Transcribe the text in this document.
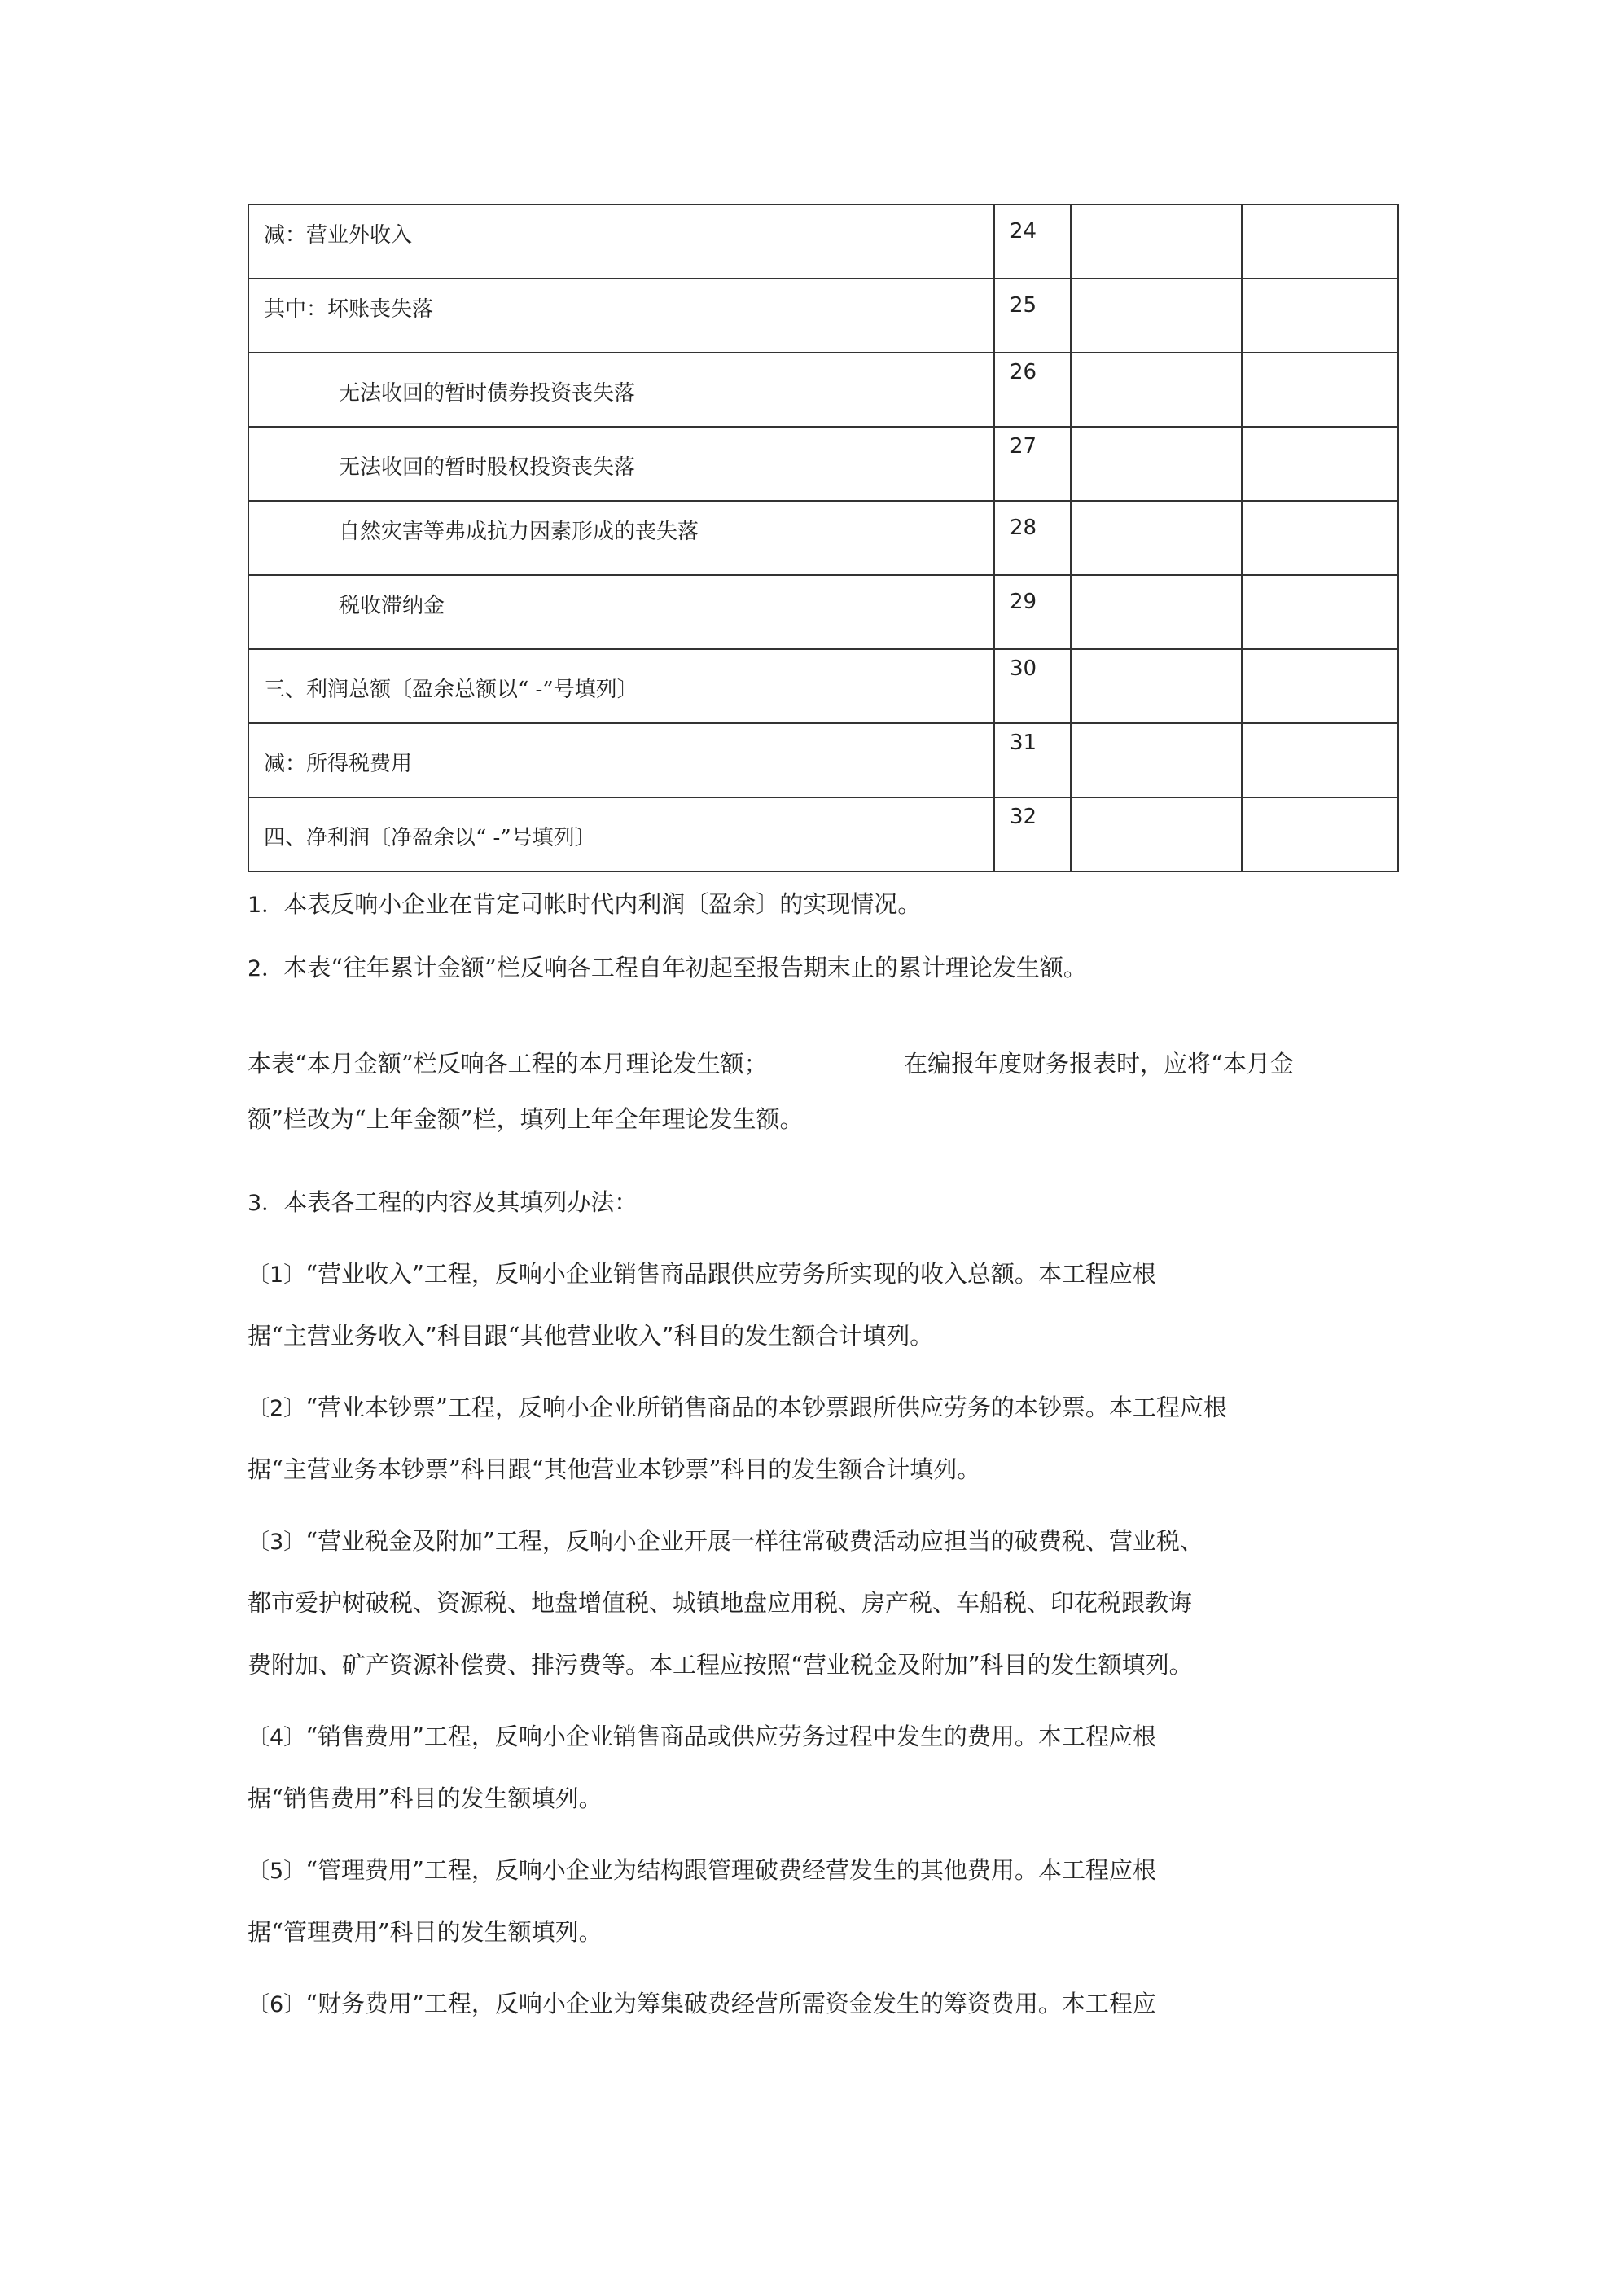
减：营业外收入	24		

其中：坏账丧失落	25		

无法收回的暂时债券投资丧失落	26		

无法收回的暂时股权投资丧失落	27		

自然灾害等弗成抗力因素形成的丧失落	28		

税收滞纳金	29		

三、利润总额〔盈余总额以“ -”号填列〕	30		

减：所得税费用	31		

四、净利润〔净盈余以“ -”号填列〕	32		

1．本表反响小企业在肯定司帐时代内利润〔盈余〕的实现情况。

2．本表“往年累计金额”栏反响各工程自年初起至报告期末止的累计理论发生额。

本表“本月金额”栏反响各工程的本月理论发生额；	在编报年度财务报表时，应将“本月金

额”栏改为“上年金额”栏，填列上年全年理论发生额。

3．本表各工程的内容及其填列办法：

〔1〕“营业收入”工程，反响小企业销售商品跟供应劳务所实现的收入总额。本工程应根

据“主营业务收入”科目跟“其他营业收入”科目的发生额合计填列。

〔2〕“营业本钞票”工程，反响小企业所销售商品的本钞票跟所供应劳务的本钞票。本工程应根

据“主营业务本钞票”科目跟“其他营业本钞票”科目的发生额合计填列。

〔3〕“营业税金及附加”工程，反响小企业开展一样往常破费活动应担当的破费税、营业税、

都市爱护树破税、资源税、地盘增值税、城镇地盘应用税、房产税、车船税、印花税跟教诲

费附加、矿产资源补偿费、排污费等。本工程应按照“营业税金及附加”科目的发生额填列。

〔4〕“销售费用”工程，反响小企业销售商品或供应劳务过程中发生的费用。本工程应根

据“销售费用”科目的发生额填列。

〔5〕“管理费用”工程，反响小企业为结构跟管理破费经营发生的其他费用。本工程应根

据“管理费用”科目的发生额填列。

〔6〕“财务费用”工程，反响小企业为筹集破费经营所需资金发生的筹资费用。本工程应
